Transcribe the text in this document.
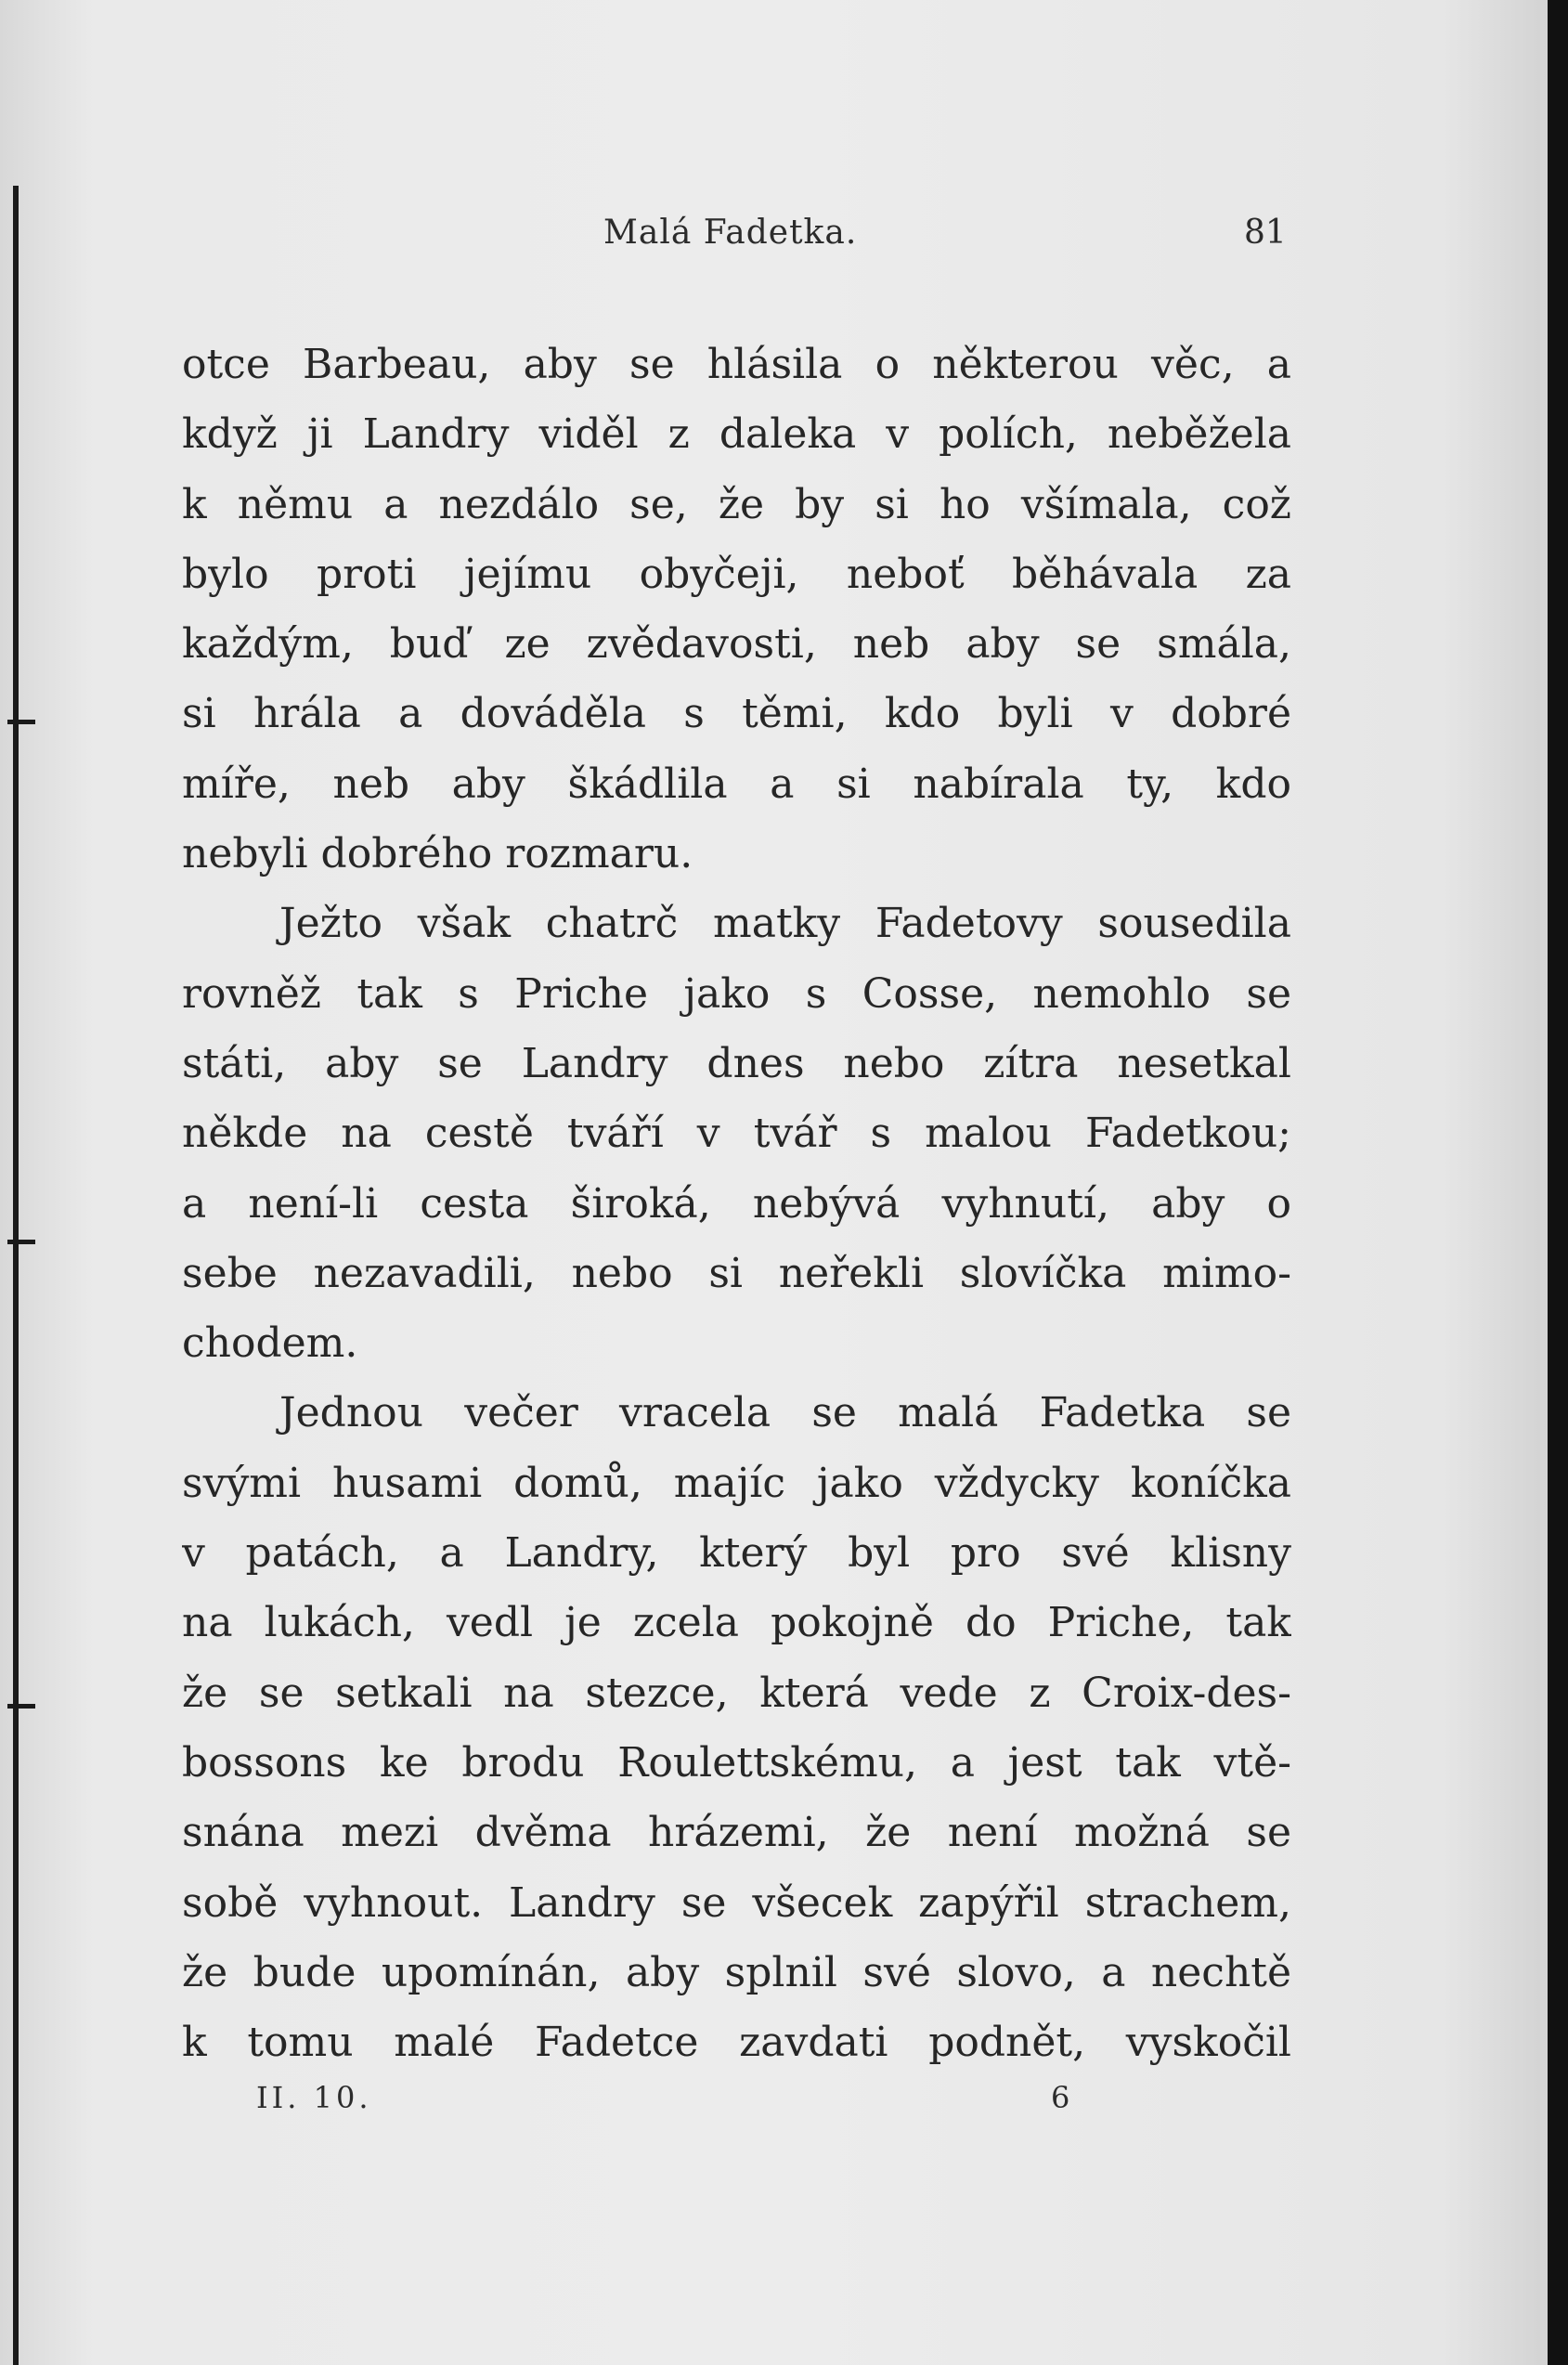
Malá Fadetka.	81
otce Barbeau, aby se hlásila o některou věc, a
když ji Landry viděl z daleka v polích, neběžela
k němu a nezdálo se, že by si ho všímala, což
bylo proti jejímu obyčeji, neboť běhávala za
každým, buď ze zvědavosti, neb aby se smála,
si hrála a dováděla s těmi, kdo byli v dobré
míře, neb aby škádlila a si nabírala ty, kdo
nebyli dobrého rozmaru.
Ježto však chatrč matky Fadetovy sousedila
rovněž tak s Priche jako s Cosse, nemohlo se
státi, aby se Landry dnes nebo zítra nesetkal
někde na cestě tváří v tvář s malou Fadetkou;
a není-li cesta široká, nebývá vyhnutí, aby o
sebe nezavadili, nebo si neřekli slovíčka mimo-
chodem.
Jednou večer vracela se malá Fadetka se
svými husami domů, majíc jako vždycky koníčka
v patách, a Landry, který byl pro své klisny
na lukách, vedl je zcela pokojně do Priche, tak
že se setkali na stezce, která vede z Croix-des-
bossons ke brodu Roulettskému, a jest tak vtě-
snána mezi dvěma hrázemi, že není možná se
sobě vyhnout. Landry se všecek zapýřil strachem,
že bude upomínán, aby splnil své slovo, a nechtě
k tomu malé Fadetce zavdati podnět, vyskočil
II. 10.	6
